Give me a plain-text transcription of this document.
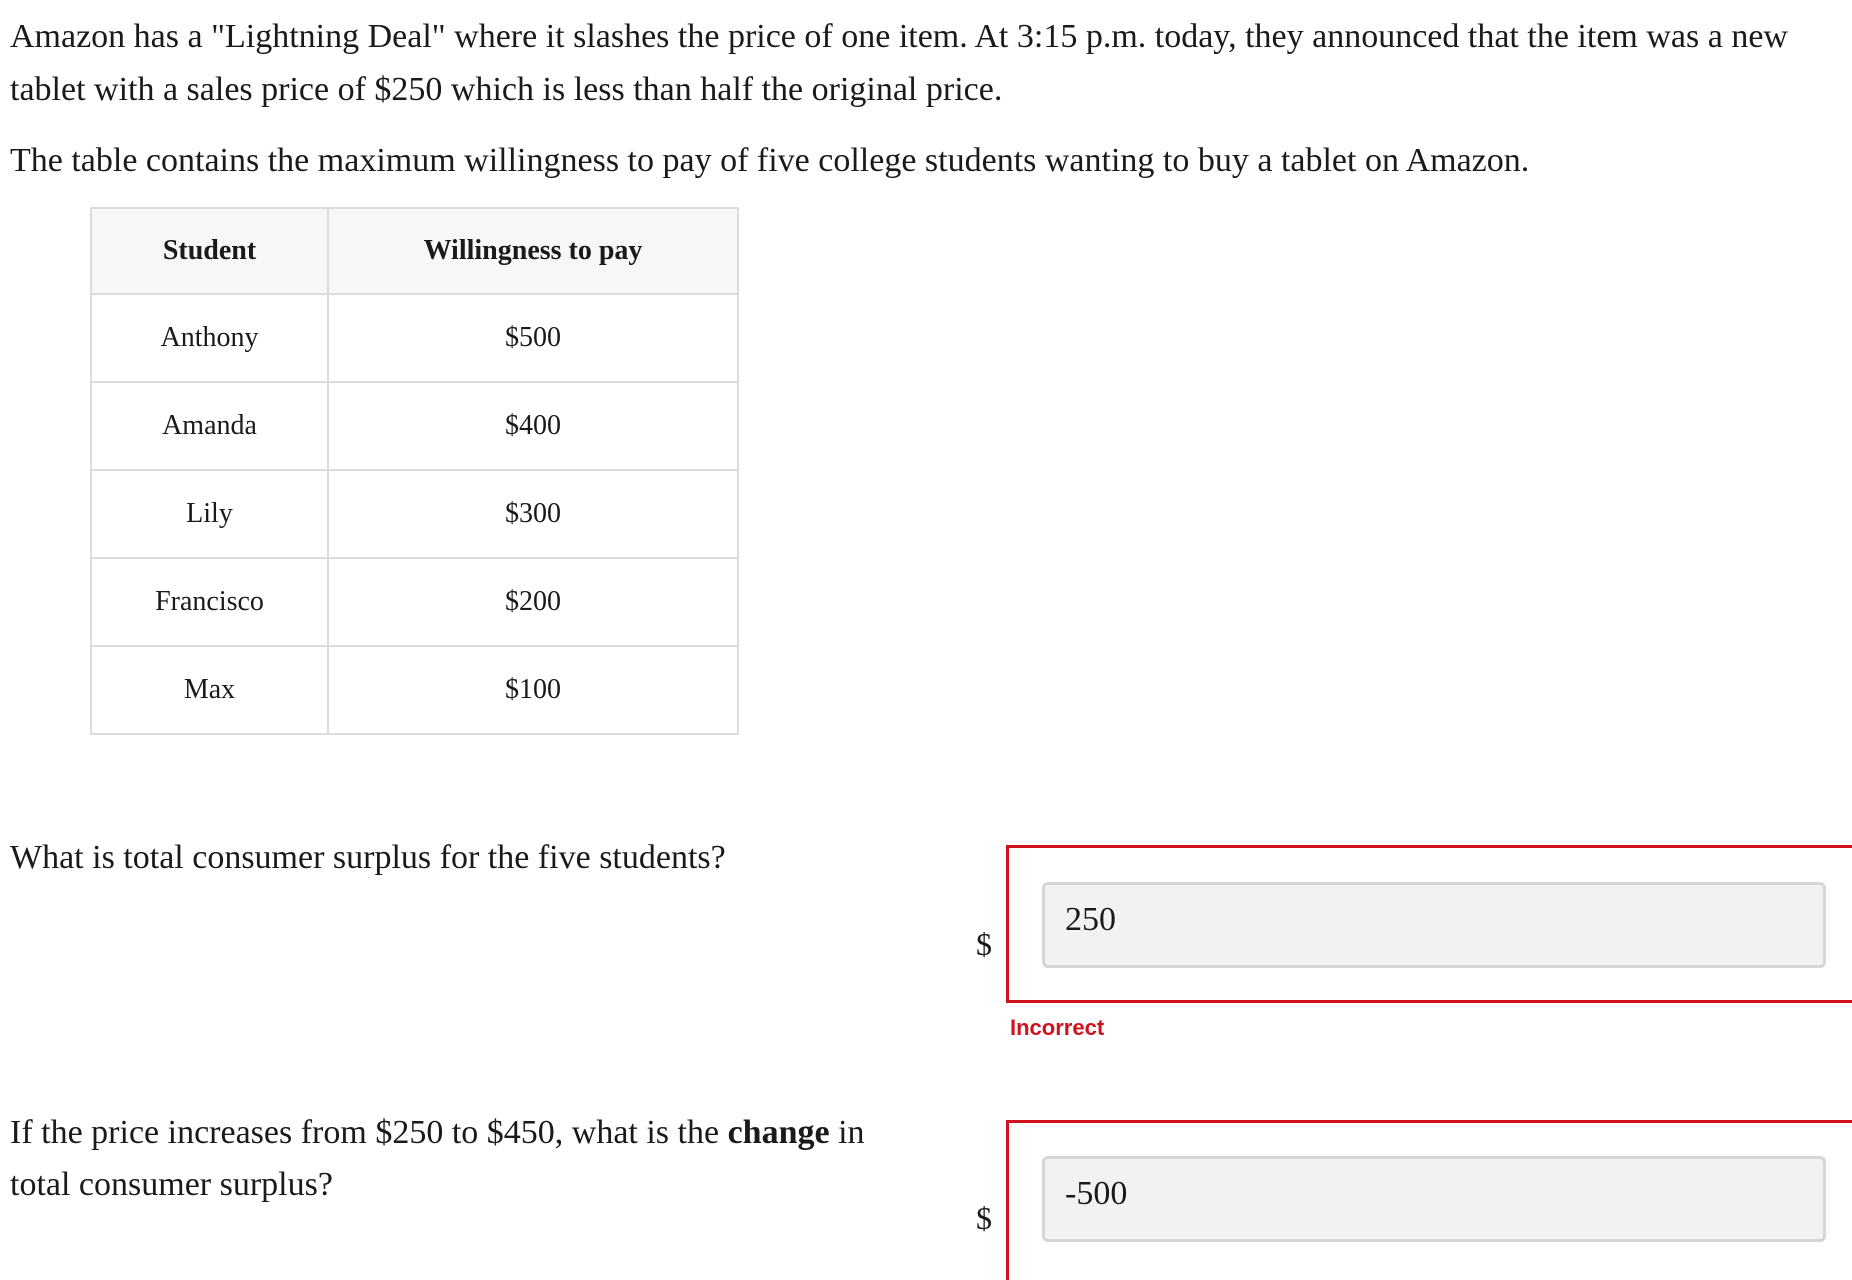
Amazon has a "Lightning Deal" where it slashes the price of one item. At 3:15 p.m. today, they announced that the item was a new tablet with a sales price of $250 which is less than half the original price.

The table contains the maximum willingness to pay of five college students wanting to buy a tablet on Amazon.

Student	Willingness to pay
Anthony	$500
Amanda	$400
Lily	$300
Francisco	$200
Max	$100

What is total consumer surplus for the five students?

$
250
Incorrect

If the price increases from $250 to $450, what is the change in total consumer surplus?

$
-500
